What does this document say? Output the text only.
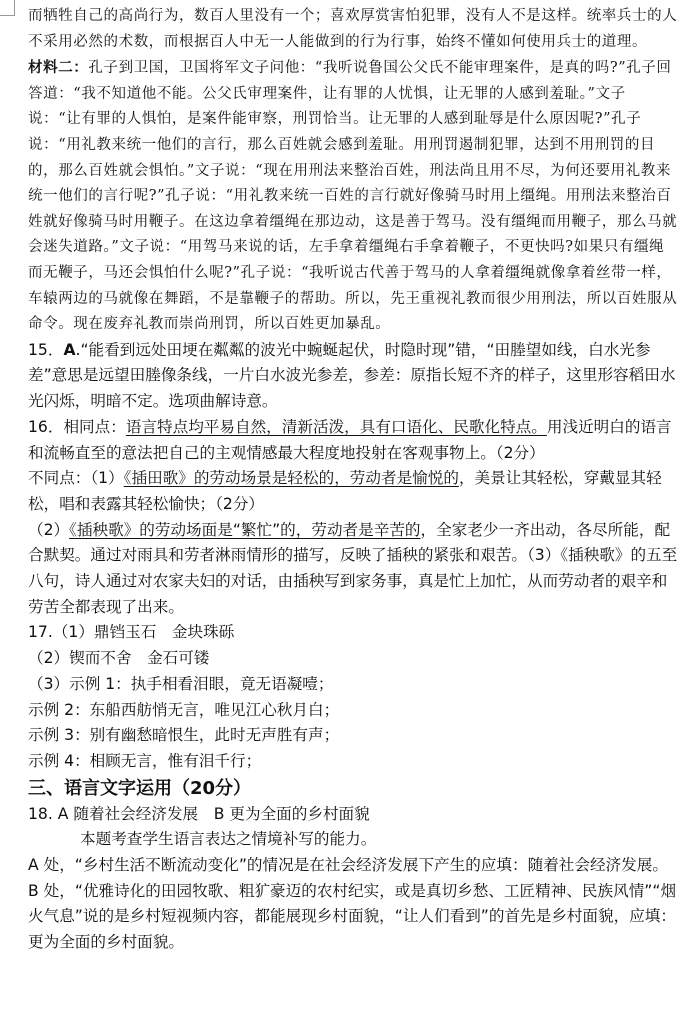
而牺牲自己的高尚行为，数百人里没有一个；喜欢厚赏害怕犯罪，没有人不是这样。统率兵士的人不采用必然的术数，而根据百人中无一人能做到的行为行事，始终不懂如何使用兵士的道理。

材料二：孔子到卫国，卫国将军文子问他：“我听说鲁国公父氏不能审理案件，是真的吗?”孔子回答道：“我不知道他不能。公父氏审理案件，让有罪的人忧惧，让无罪的人感到羞耻。”文子说：“让有罪的人惧怕，是案件能审察，刑罚恰当。让无罪的人感到耻辱是什么原因呢?”孔子说：“用礼教来统一他们的言行，那么百姓就会感到羞耻。用刑罚遏制犯罪，达到不用刑罚的目的，那么百姓就会惧怕。”文子说：“现在用刑法来整治百姓，刑法尚且用不尽，为何还要用礼教来统一他们的言行呢?”孔子说：“用礼教来统一百姓的言行就好像骑马时用上缰绳。用刑法来整治百姓就好像骑马时用鞭子。在这边拿着缰绳在那边动，这是善于驾马。没有缰绳而用鞭子，那么马就会迷失道路。”文子说：“用驾马来说的话，左手拿着缰绳右手拿着鞭子，不更快吗?如果只有缰绳而无鞭子，马还会惧怕什么呢?”孔子说：“我听说古代善于驾马的人拿着缰绳就像拿着丝带一样，车辕两边的马就像在舞蹈，不是靠鞭子的帮助。所以，先王重视礼教而很少用刑法，所以百姓服从命令。现在废弃礼教而崇尚刑罚，所以百姓更加暴乱。

15．A.“能看到远处田埂在粼粼的波光中蜿蜒起伏，时隐时现”错，“田塍望如线，白水光参差”意思是远望田塍像条线，一片白水波光参差，参差：原指长短不齐的样子，这里形容稻田水光闪烁，明暗不定。选项曲解诗意。

16．相同点：语言特点均平易自然，清新活泼，具有口语化、民歌化特点。用浅近明白的语言和流畅直至的意法把自己的主观情感最大程度地投射在客观事物上。（2分）

不同点：（1）《插田歌》的劳动场景是轻松的，劳动者是愉悦的，美景让其轻松，穿戴显其轻松，唱和表露其轻松愉快；（2分）

（2）《插秧歌》的劳动场面是“繁忙”的，劳动者是辛苦的，全家老少一齐出动，各尽所能，配合默契。通过对雨具和劳者淋雨情形的描写，反映了插秧的紧张和艰苦。（3）《插秧歌》的五至八句，诗人通过对农家夫妇的对话，由插秧写到家务事，真是忙上加忙，从而劳动者的艰辛和劳苦全都表现了出来。

17.（1）鼎铛玉石　金块珠砾

（2）锲而不舍　金石可镂

（3）示例 1：执手相看泪眼，竟无语凝噎；

示例 2：东船西舫悄无言，唯见江心秋月白；

示例 3：别有幽愁暗恨生，此时无声胜有声；

示例 4：相顾无言，惟有泪千行；

三、语言文字运用（20分）

18. A 随着社会经济发展　B 更为全面的乡村面貌

本题考查学生语言表达之情境补写的能力。

A 处，“乡村生活不断流动变化”的情况是在社会经济发展下产生的应填：随着社会经济发展。

B 处，“优雅诗化的田园牧歌、粗犷豪迈的农村纪实，或是真切乡愁、工匠精神、民族风情”“烟火气息”说的是乡村短视频内容，都能展现乡村面貌，“让人们看到”的首先是乡村面貌，应填：更为全面的乡村面貌。
